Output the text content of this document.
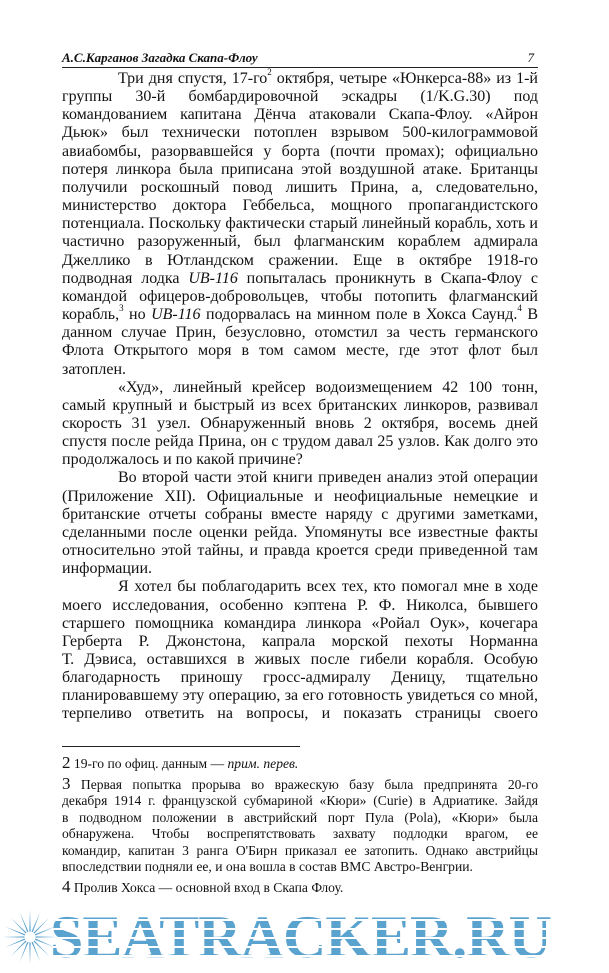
А.С.Карганов Загадка Скапа-Флоу	7
Три дня спустя, $17-го^2$ октября, четыре «Юнкерса-88» из 1-й
группы 30-й бомбардировочной эскадры (1/K.G.30) под
командованием капитана Дёнча атаковали Скапа-Флоу. «Айрон
Дьюк» был технически потоплен взрывом 500-килограммовой
авиабомбы, разорвавшейся у борта (почти промах); официально
потеря линкора была приписана этой воздушной атаке. Британцы
получили роскошный повод лишить Прина, а, следовательно,
министерство доктора Геббельса, мощного пропагандистского
потенциала. Поскольку фактически старый линейный корабль, хоть и
частично разоруженный, был флагманским кораблем адмирала
Джеллико в Ютландском сражении. Еще в октябре 1918-го
подводная лодка UB-116 попыталась проникнуть в Скапа-Флоу с
командой офицеров-добровольцев, чтобы потопить флагманский
корабль,$^3$ но UB-116 подорвалась на минном поле в Хокса Саунд.$^4$ В
данном случае Прин, безусловно, отомстил за честь германского
Флота Открытого моря в том самом месте, где этот флот был
затоплен.
«Худ», линейный крейсер водоизмещением 42 100 тонн,
самый крупный и быстрый из всех британских линкоров, развивал
скорость 31 узел. Обнаруженный вновь 2 октября, восемь дней
спустя после рейда Прина, он с трудом давал 25 узлов. Как долго это
продолжалось и по какой причине?
Во второй части этой книги приведен анализ этой операции
(Приложение XII). Официальные и неофициальные немецкие и
британские отчеты собраны вместе наряду с другими заметками,
сделанными после оценки рейда. Упомянуты все известные факты
относительно этой тайны, и правда кроется среди приведенной там
информации.
Я хотел бы поблагодарить всех тех, кто помогал мне в ходе
моего исследования, особенно кэптена Р. Ф. Николса, бывшего
старшего помощника командира линкора «Ройал Оук», кочегара
Герберта Р. Джонстона, капрала морской пехоты Норманна
Т. Дэвиса, оставшихся в живых после гибели корабля. Особую
благодарность приношу гросс-адмиралу Деницу, тщательно
планировавшему эту операцию, за его готовность увидеться со мной,
терпеливо ответить на вопросы, и показать страницы своего
2 19-го по офиц. данным — прим. перев.
3 Первая попытка прорыва во вражескую базу была предпринята 20-го
декабря 1914 г. французской субмариной «Кюри» (Curie) в Адриатике. Зайдя
в подводном положении в австрийский порт Пула (Pola), «Кюри» была
обнаружена. Чтобы воспрепятствовать захвату подлодки врагом, ее
командир, капитан 3 ранга О'Бирн приказал ее затопить. Однако австрийцы
впоследствии подняли ее, и она вошла в состав ВМС Австро-Венгрии.
4 Пролив Хокса — основной вход в Скапа Флоу.
SEATRACKER.RU
